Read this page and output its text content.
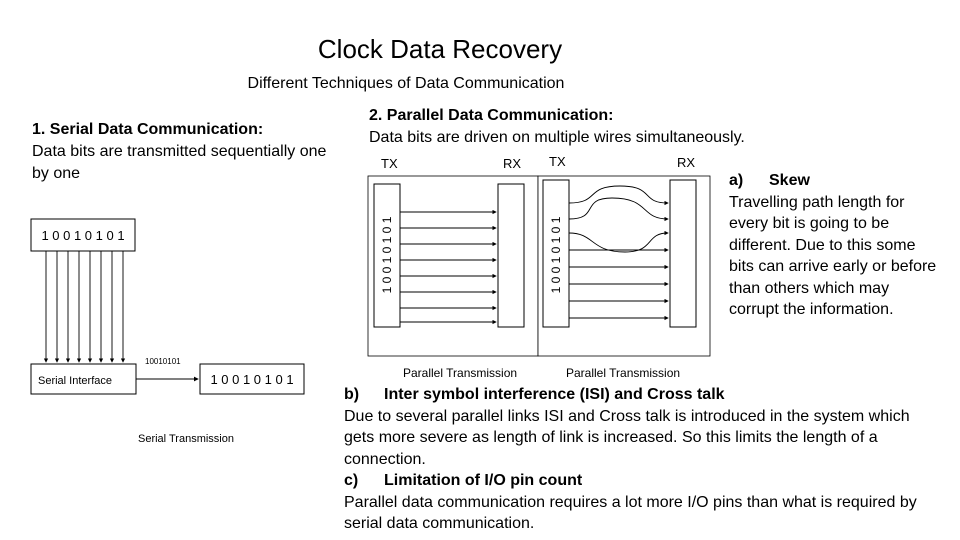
Clock Data Recovery
Different Techniques of Data Communication
1. Serial Data Communication:
Data bits are transmitted sequentially one by one
2. Parallel Data Communication:
Data bits are driven on multiple wires simultaneously.
a) Skew
Travelling path length for every bit is going to be different. Due to this some bits can arrive early or before than others which may corrupt the information.
b) Inter symbol interference (ISI) and Cross talk
Due to several parallel links ISI and Cross talk is introduced in the system which gets more severe as length of link is increased. So this limits the length of a connection.
c) Limitation of I/O pin count
Parallel data communication requires a lot more I/O pins than what is required by serial data communication.
1 0 0 1 0 1 0 1
Serial Interface
10010101
1 0 0 1 0 1 0 1
Serial Transmission
TX	RX
1 0 0 1 0 1 0 1
Parallel Transmission
TX	RX
1 0 0 1 0 1 0 1
Parallel Transmission
